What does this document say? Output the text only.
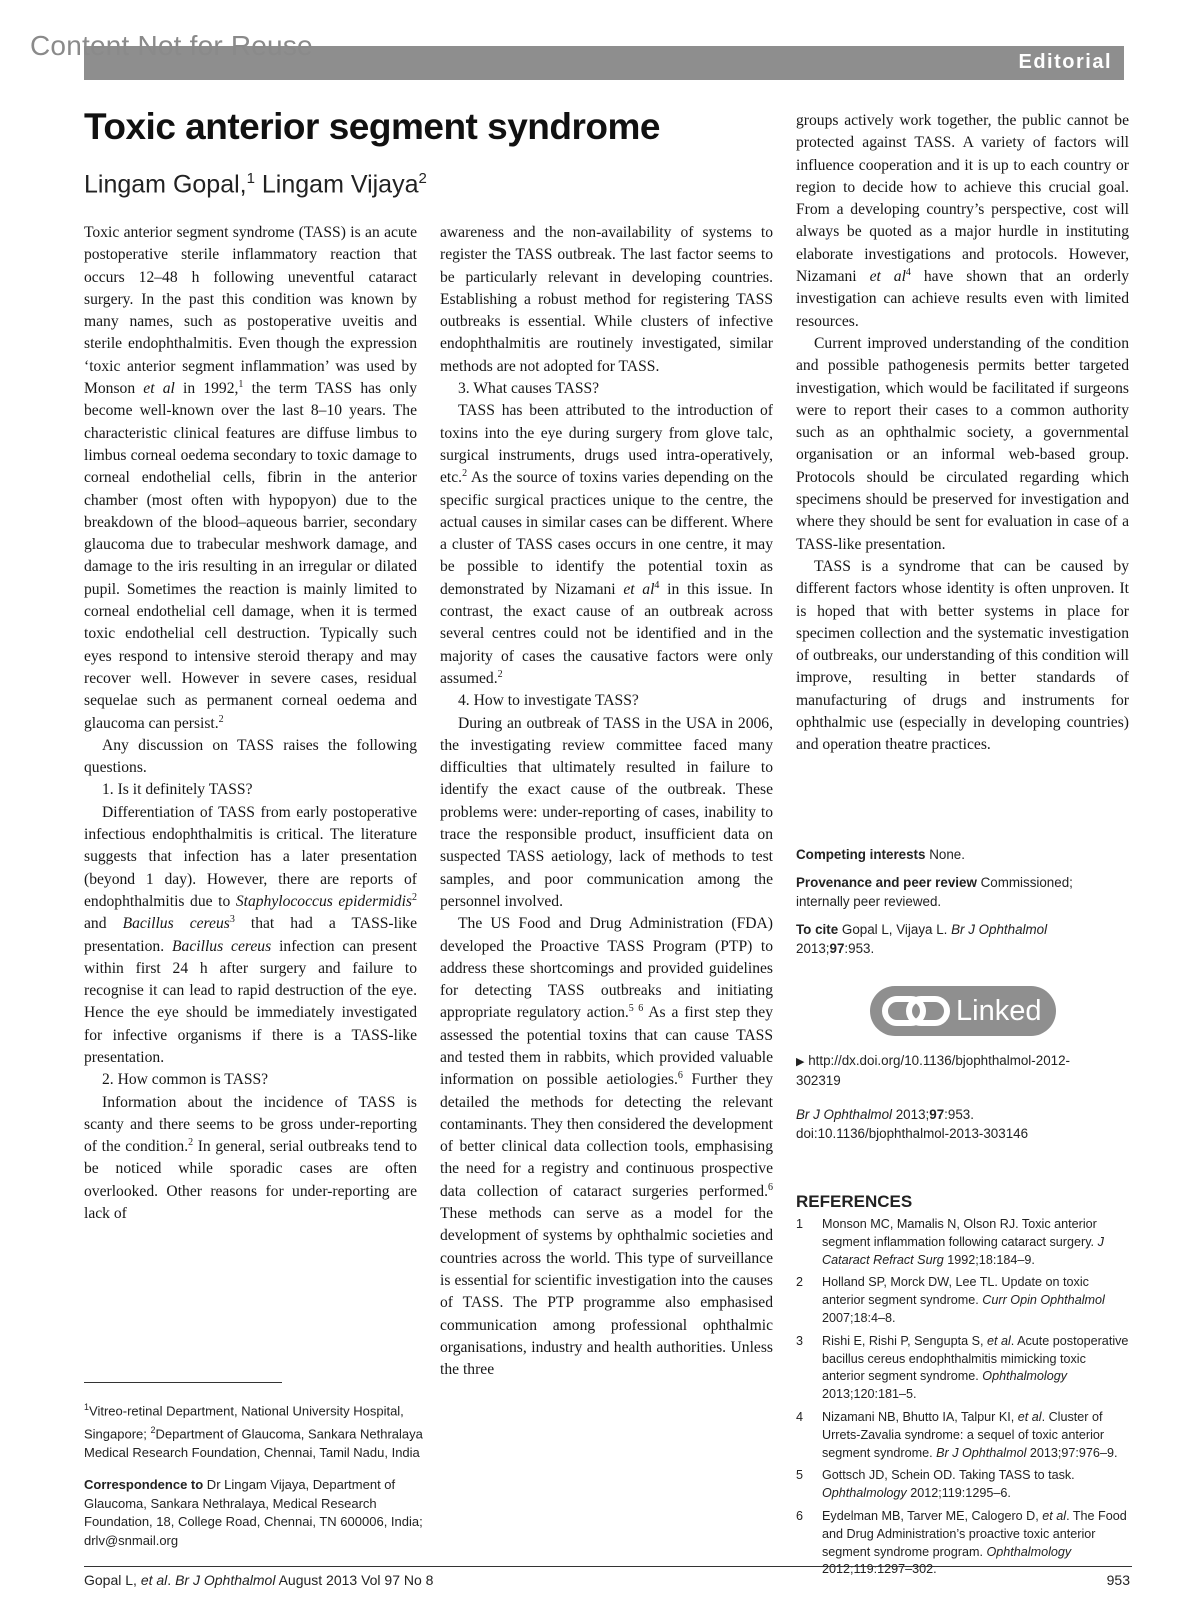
Content Not for Reuse
Editorial
Toxic anterior segment syndrome
Lingam Gopal,$^1$ Lingam Vijaya$^2$

Toxic anterior segment syndrome (TASS) is an acute postoperative sterile inflammatory reaction that occurs 12–48 h following uneventful cataract surgery. In the past this condition was known by many names, such as postoperative uveitis and sterile endophthalmitis. Even though the expression ‘toxic anterior segment inflammation’ was used by Monson et al in 1992,$^1$ the term TASS has only become well-known over the last 8–10 years. The characteristic clinical features are diffuse limbus to limbus corneal oedema secondary to toxic damage to corneal endothelial cells, fibrin in the anterior chamber (most often with hypopyon) due to the breakdown of the blood–aqueous barrier, secondary glaucoma due to trabecular meshwork damage, and damage to the iris resulting in an irregular or dilated pupil. Sometimes the reaction is mainly limited to corneal endothelial cell damage, when it is termed toxic endothelial cell destruction. Typically such eyes respond to intensive steroid therapy and may recover well. However in severe cases, residual sequelae such as permanent corneal oedema and glaucoma can persist.$^2$

Any discussion on TASS raises the following questions.

1. Is it definitely TASS?

Differentiation of TASS from early postoperative infectious endophthalmitis is critical. The literature suggests that infection has a later presentation (beyond 1 day). However, there are reports of endophthalmitis due to Staphylococcus epidermidis$^2$ and Bacillus cereus$^3$ that had a TASS-like presentation. Bacillus cereus infection can present within first 24 h after surgery and failure to recognise it can lead to rapid destruction of the eye. Hence the eye should be immediately investigated for infective organisms if there is a TASS-like presentation.

2. How common is TASS?

Information about the incidence of TASS is scanty and there seems to be gross under-reporting of the condition.$^2$ In general, serial outbreaks tend to be noticed while sporadic cases are often overlooked. Other reasons for under-reporting are lack of

awareness and the non-availability of systems to register the TASS outbreak. The last factor seems to be particularly relevant in developing countries. Establishing a robust method for registering TASS outbreaks is essential. While clusters of infective endophthalmitis are routinely investigated, similar methods are not adopted for TASS.

3. What causes TASS?

TASS has been attributed to the introduction of toxins into the eye during surgery from glove talc, surgical instruments, drugs used intra-operatively, etc.$^2$ As the source of toxins varies depending on the specific surgical practices unique to the centre, the actual causes in similar cases can be different. Where a cluster of TASS cases occurs in one centre, it may be possible to identify the potential toxin as demonstrated by Nizamani et $al^4$ in this issue. In contrast, the exact cause of an outbreak across several centres could not be identified and in the majority of cases the causative factors were only assumed.$^2$

4. How to investigate TASS?

During an outbreak of TASS in the USA in 2006, the investigating review committee faced many difficulties that ultimately resulted in failure to identify the exact cause of the outbreak. These problems were: under-reporting of cases, inability to trace the responsible product, insufficient data on suspected TASS aetiology, lack of methods to test samples, and poor communication among the personnel involved.

The US Food and Drug Administration (FDA) developed the Proactive TASS Program (PTP) to address these shortcomings and provided guidelines for detecting TASS outbreaks and initiating appropriate regulatory action.$^{5 6}$ As a first step they assessed the potential toxins that can cause TASS and tested them in rabbits, which provided valuable information on possible aetiologies.$^6$ Further they detailed the methods for detecting the relevant contaminants. They then considered the development of better clinical data collection tools, emphasising the need for a registry and continuous prospective data collection of cataract surgeries performed.$^6$ These methods can serve as a model for the development of systems by ophthalmic societies and countries across the world. This type of surveillance is essential for scientific investigation into the causes of TASS. The PTP programme also emphasised communication among professional ophthalmic organisations, industry and health authorities. Unless the three

groups actively work together, the public cannot be protected against TASS. A variety of factors will influence cooperation and it is up to each country or region to decide how to achieve this crucial goal. From a developing country’s perspective, cost will always be quoted as a major hurdle in instituting elaborate investigations and protocols. However, Nizamani et $al^4$ have shown that an orderly investigation can achieve results even with limited resources.

Current improved understanding of the condition and possible pathogenesis permits better targeted investigation, which would be facilitated if surgeons were to report their cases to a common authority such as an ophthalmic society, a governmental organisation or an informal web-based group. Protocols should be circulated regarding which specimens should be preserved for investigation and where they should be sent for evaluation in case of a TASS-like presentation.

TASS is a syndrome that can be caused by different factors whose identity is often unproven. It is hoped that with better systems in place for specimen collection and the systematic investigation of outbreaks, our understanding of this condition will improve, resulting in better standards of manufacturing of drugs and instruments for ophthalmic use (especially in developing countries) and operation theatre practices.

Competing interests None.

Provenance and peer review Commissioned; internally peer reviewed.

To cite Gopal L, Vijaya L. Br J Ophthalmol 2013;97:953.

Linked

▶ http://dx.doi.org/10.1136/bjophthalmol-2012-302319

Br J Ophthalmol 2013;97:953.
doi:10.1136/bjophthalmol-2013-303146

REFERENCES
1	Monson MC, Mamalis N, Olson RJ. Toxic anterior segment inflammation following cataract surgery. J Cataract Refract Surg 1992;18:184–9.
2	Holland SP, Morck DW, Lee TL. Update on toxic anterior segment syndrome. Curr Opin Ophthalmol 2007;18:4–8.
3	Rishi E, Rishi P, Sengupta S, et al. Acute postoperative bacillus cereus endophthalmitis mimicking toxic anterior segment syndrome. Ophthalmology 2013;120:181–5.
4	Nizamani NB, Bhutto IA, Talpur KI, et al. Cluster of Urrets-Zavalia syndrome: a sequel of toxic anterior segment syndrome. Br J Ophthalmol 2013;97:976–9.
5	Gottsch JD, Schein OD. Taking TASS to task. Ophthalmology 2012;119:1295–6.
6	Eydelman MB, Tarver ME, Calogero D, et al. The Food and Drug Administration’s proactive toxic anterior segment syndrome program. Ophthalmology 2012;119:1297–302.

$^1$Vitreo-retinal Department, National University Hospital, Singapore; $^2$Department of Glaucoma, Sankara Nethralaya Medical Research Foundation, Chennai, Tamil Nadu, India

Correspondence to Dr Lingam Vijaya, Department of Glaucoma, Sankara Nethralaya, Medical Research Foundation, 18, College Road, Chennai, TN 600006, India; drlv@snmail.org

Gopal L, et al. Br J Ophthalmol August 2013 Vol 97 No 8	953
